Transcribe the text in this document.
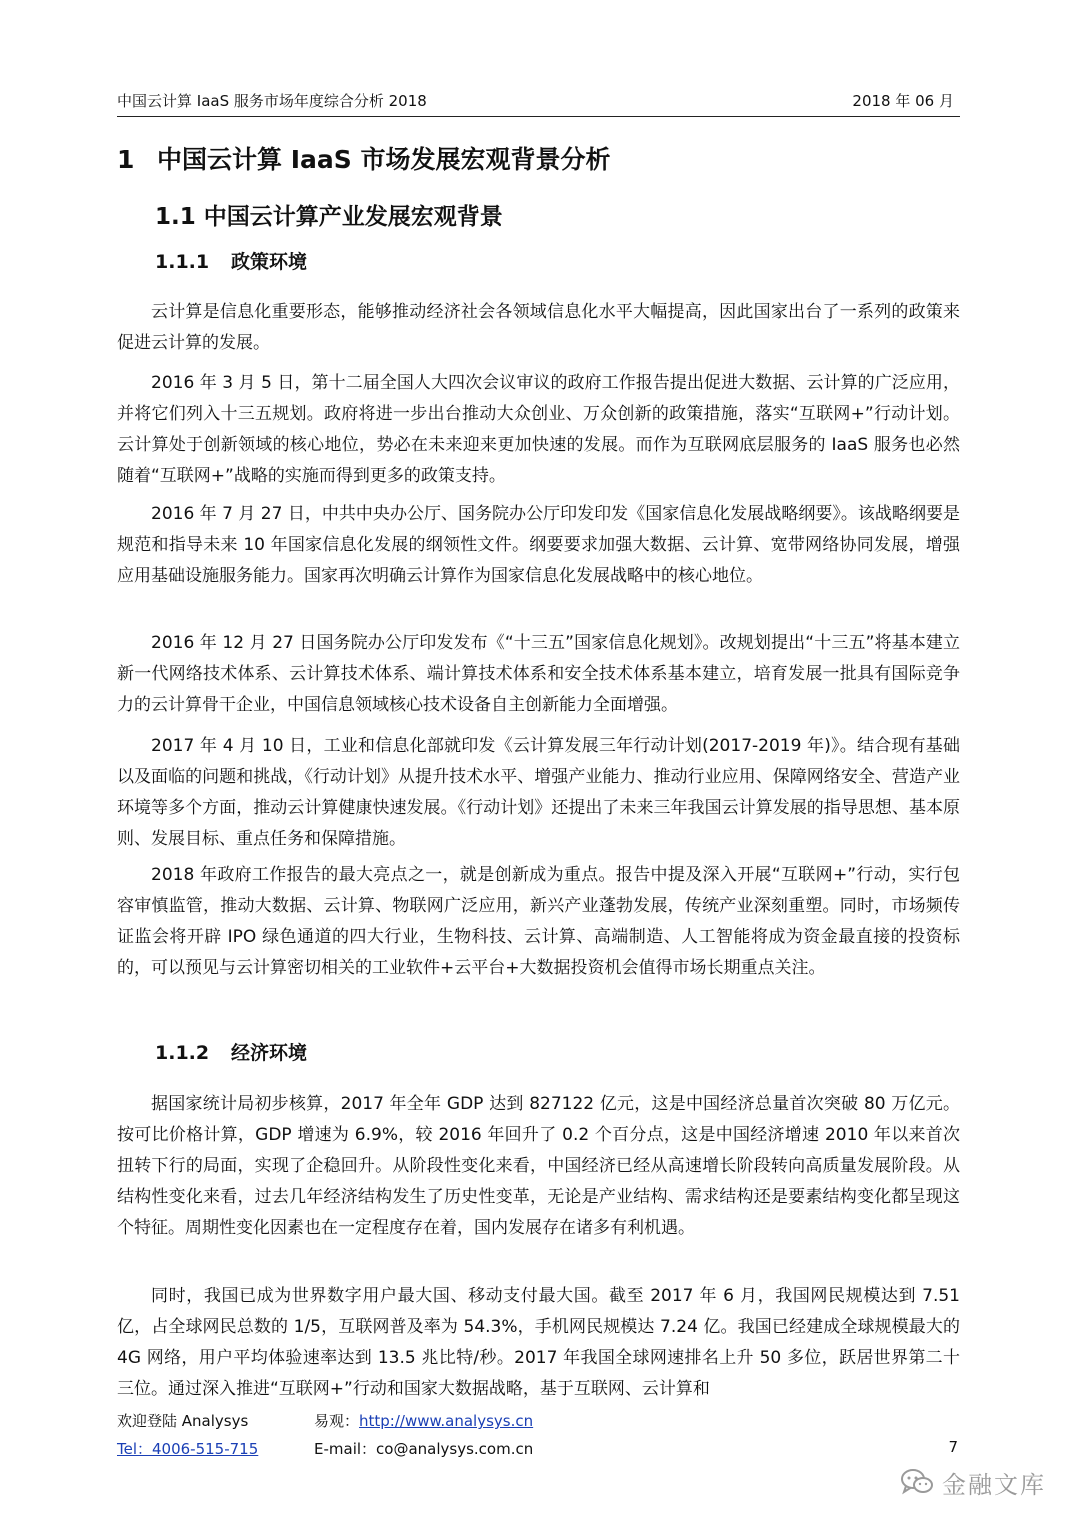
中国云计算 IaaS 服务市场年度综合分析 2018	2018 年 06 月
1 中国云计算 IaaS 市场发展宏观背景分析
1.1 中国云计算产业发展宏观背景
1.1.1 政策环境

云计算是信息化重要形态，能够推动经济社会各领域信息化水平大幅提高，因此国家出台了一系列的政策来促进云计算的发展。

2016 年 3 月 5 日，第十二届全国人大四次会议审议的政府工作报告提出促进大数据、云计算的广泛应用，并将它们列入十三五规划。政府将进一步出台推动大众创业、万众创新的政策措施，落实“互联网+”行动计划。云计算处于创新领域的核心地位，势必在未来迎来更加快速的发展。而作为互联网底层服务的 IaaS 服务也必然随着“互联网+”战略的实施而得到更多的政策支持。

2016 年 7 月 27 日，中共中央办公厅、国务院办公厅印发印发《国家信息化发展战略纲要》。该战略纲要是规范和指导未来 10 年国家信息化发展的纲领性文件。纲要要求加强大数据、云计算、宽带网络协同发展，增强应用基础设施服务能力。国家再次明确云计算作为国家信息化发展战略中的核心地位。

2016 年 12 月 27 日国务院办公厅印发发布《“十三五”国家信息化规划》。改规划提出“十三五”将基本建立新一代网络技术体系、云计算技术体系、端计算技术体系和安全技术体系基本建立，培育发展一批具有国际竞争力的云计算骨干企业，中国信息领域核心技术设备自主创新能力全面增强。

2017 年 4 月 10 日，工业和信息化部就印发《云计算发展三年行动计划(2017-2019 年)》。结合现有基础以及面临的问题和挑战，《行动计划》从提升技术水平、增强产业能力、推动行业应用、保障网络安全、营造产业环境等多个方面，推动云计算健康快速发展。《行动计划》还提出了未来三年我国云计算发展的指导思想、基本原则、发展目标、重点任务和保障措施。

2018 年政府工作报告的最大亮点之一，就是创新成为重点。报告中提及深入开展“互联网+”行动，实行包容审慎监管，推动大数据、云计算、物联网广泛应用，新兴产业蓬勃发展，传统产业深刻重塑。同时，市场频传证监会将开辟 IPO 绿色通道的四大行业，生物科技、云计算、高端制造、人工智能将成为资金最直接的投资标的，可以预见与云计算密切相关的工业软件+云平台+大数据投资机会值得市场长期重点关注。

1.1.2 经济环境

据国家统计局初步核算，2017 年全年 GDP 达到 827122 亿元，这是中国经济总量首次突破 80 万亿元。按可比价格计算，GDP 增速为 6.9%，较 2016 年回升了 0.2 个百分点，这是中国经济增速 2010 年以来首次扭转下行的局面，实现了企稳回升。从阶段性变化来看，中国经济已经从高速增长阶段转向高质量发展阶段。从结构性变化来看，过去几年经济结构发生了历史性变革，无论是产业结构、需求结构还是要素结构变化都呈现这个特征。周期性变化因素也在一定程度存在着，国内发展存在诸多有利机遇。

同时，我国已成为世界数字用户最大国、移动支付最大国。截至 2017 年 6 月，我国网民规模达到 7.51 亿，占全球网民总数的 1/5，互联网普及率为 54.3%，手机网民规模达 7.24 亿。我国已经建成全球规模最大的 4G 网络，用户平均体验速率达到 13.5 兆比特/秒。2017 年我国全球网速排名上升 50 多位，跃居世界第二十三位。通过深入推进“互联网+”行动和国家大数据战略，基于互联网、云计算和

欢迎登陆 Analysys	易观：http://www.analysys.cn
Tel：4006-515-715	E-mail：co@analysys.com.cn	7
金融文库
